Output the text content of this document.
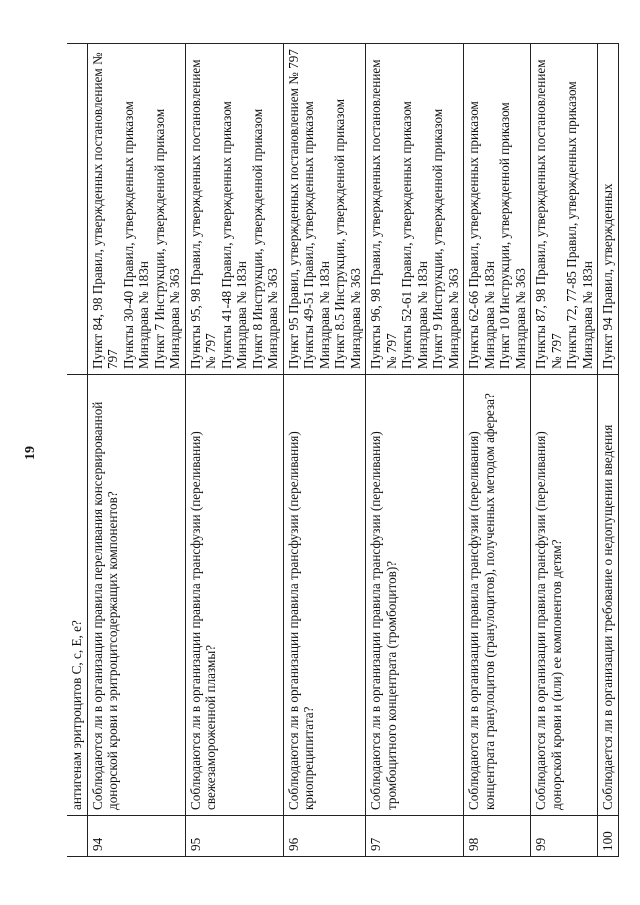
19
	антигенам эритроцитов С, с, Е, е?	
94	Соблюдаются ли в организации правила переливания консервированной донорской крови и эритроцитсодержащих компонентов?	Пункт 84, 98 Правил, утвержденных постановлением № 797 Пункты 30-40 Правил, утвержденных приказом Минздрава № 183н Пункт 7 Инструкции, утвержденной приказом Минздрава № 363

95	Соблюдаются ли в организации правила трансфузии (переливания) свежезамороженной плазмы?	Пункты 95, 98 Правил, утвержденных постановлением № 797 Пункты 41-48 Правил, утвержденных приказом Минздрава № 183н Пункт 8 Инструкции, утвержденной приказом Минздрава № 363

96	Соблюдаются ли в организации правила трансфузии (переливания) криопреципитата?	Пункт 95 Правил, утвержденных постановлением № 797 Пункты 49-51 Правил, утвержденных приказом Минздрава № 183н Пункт 8.5 Инструкции, утвержденной приказом Минздрава № 363

97	Соблюдаются ли в организации правила трансфузии (переливания) тромбоцитного концентрата (тромбоцитов)?	Пункты 96, 98 Правил, утвержденных постановлением № 797 Пункты 52-61 Правил, утвержденных приказом Минздрава № 183н Пункт 9 Инструкции, утвержденной приказом Минздрава № 363

98	Соблюдаются ли в организации правила трансфузии (переливания) концентрата гранулоцитов (гранулоцитов), полученных методом афереза?	Пункты 62-66 Правил, утвержденных приказом Минздрава № 183н Пункт 10 Инструкции, утвержденной приказом Минздрава № 363

99	Соблюдаются ли в организации правила трансфузии (переливания) донорской крови и (или) ее компонентов детям?	Пункты 87, 98 Правил, утвержденных постановлением № 797 Пункты 72, 77-85 Правил, утвержденных приказом Минздрава № 183н

100	Соблюдается ли в организации требование о недопущении введения	Пункт 94 Правил, утвержденных
